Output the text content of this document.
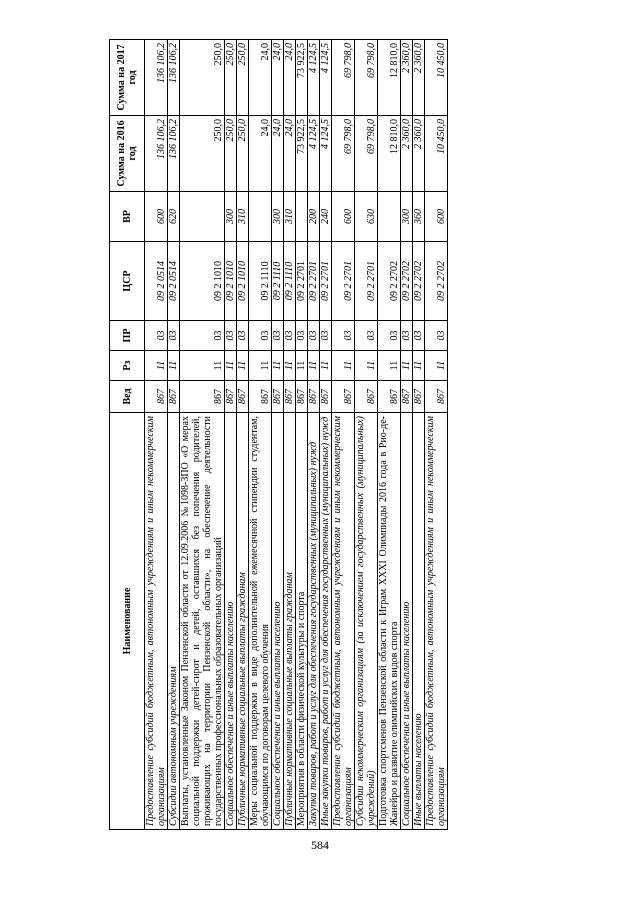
Наименование	Вед	Рз	ПР	ЦСР	ВР	Сумма на 2016 год	Сумма на 2017 год
Предоставление субсидий бюджетным, автономным учреждениям и иным некоммерческим организациям	867	11	03	09 2 0514	600	136 106,2	136 106,2
Субсидии автономным учреждениям	867	11	03	09 2 0514	620	136 106,2	136 106,2
Выплаты, установленные Законом Пензенской области от 12.09.2006 №1098-ЗПО «О мерах социальной поддержки детей-сирот и детей, оставшихся без попечения родителей, проживающих на территории Пензенской области», на обеспечение деятельности государственных профессиональных образовательных организаций	867	11	03	09 2 1010		250,0	250,0
Социальное обеспечение и иные выплаты населению	867	11	03	09 2 1010	300	250,0	250,0
Публичные нормативные социальные выплаты гражданам	867	11	03	09 2 1010	310	250,0	250,0
Меры социальной поддержки в виде дополнительной ежемесячной стипендии студентам, обучающимся по договорам целевого обучения	867	11	03	09 2 1110		24,0	24,0
Социальное обеспечение и иные выплаты населению	867	11	03	09 2 1110	300	24,0	24,0
Публичные нормативные социальные выплаты гражданам	867	11	03	09 2 1110	310	24,0	24,0
Мероприятия в области физической культуры и спорта	867	11	03	09 2 2701		73 922,5	73 922,5
Закупка товаров, работ и услуг для обеспечения государственных (муниципальных) нужд	867	11	03	09 2 2701	200	4 124,5	4 124,5
Иные закупки товаров, работ и услуг для обеспечения государственных (муниципальных) нужд	867	11	03	09 2 2701	240	4 124,5	4 124,5
Предоставление субсидий бюджетным, автономным учреждениям и иным некоммерческим организациям	867	11	03	09 2 2701	600	69 798,0	69 798,0
Субсидии некоммерческим организациям (за исключением государственных (муниципальных) учреждений)	867	11	03	09 2 2701	630	69 798,0	69 798,0
Подготовка спортсменов Пензенской области к Играм XXXI Олимпиады 2016 года в Рио-де-Жанейро и развитие олимпийских видов спорта	867	11	03	09 2 2702		12 810,0	12 810,0
Социальное обеспечение и иные выплаты населению	867	11	03	09 2 2702	300	2 360,0	2 360,0
Иные выплаты населению	867	11	03	09 2 2702	360	2 360,0	2 360,0
Предоставление субсидий бюджетным, автономным учреждениям и иным некоммерческим организациям	867	11	03	09 2 2702	600	10 450,0	10 450,0
584
